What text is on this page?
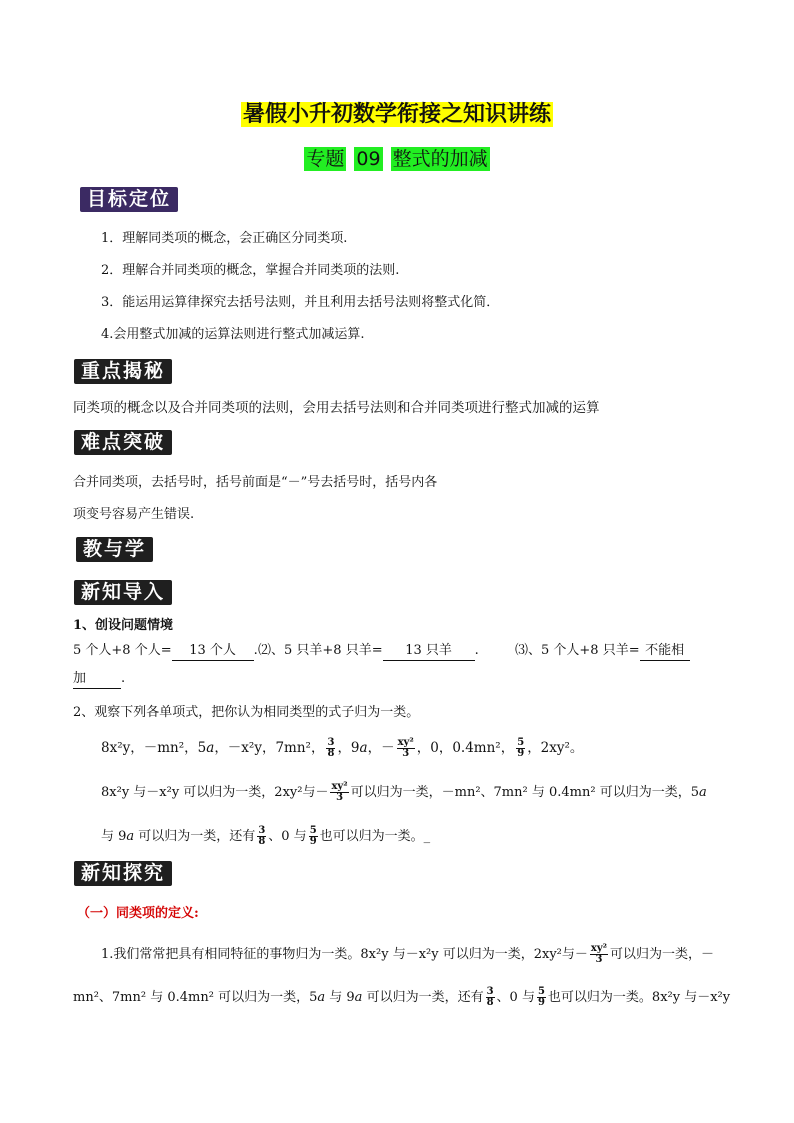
暑假小升初数学衔接之知识讲练
专题 09 整式的加减
目标定位
1．理解同类项的概念，会正确区分同类项.
2．理解合并同类项的概念，掌握合并同类项的法则.
3．能运用运算律探究去括号法则，并且利用去括号法则将整式化简．
4.会用整式加减的运算法则进行整式加减运算.
重点揭秘
同类项的概念以及合并同类项的法则，会用去括号法则和合并同类项进行整式加减的运算
难点突破
合并同类项，去括号时，括号前面是“－”号去括号时，括号内各
项变号容易产生错误.
教与学
新知导入
1、创设问题情境
5 个人+8 个人= 13 个人 . ⑵、5 只羊+8 只羊= 13 只羊 .	⑶、5 个人+8 只羊= 不能相
加	.
2、观察下列各单项式，把你认为相同类型的式子归为一类。
8x²y，－mn²，5a，－x²y，7mn²， $\frac{3}{8}$ ，9a，－ $\frac{\text{xy²}}{3}$ ，0，0.4mn²， $\frac{5}{9}$ ，2xy²。
8x²y 与－x²y 可以归为一类，2xy²与－ $\frac{\text{xy²}}{3}$ 可以归为一类，－mn²、7mn² 与 0.4mn² 可以归为一类，5a
与 9a 可以归为一类，还有 $\frac{3}{8}$ 、0 与 $\frac{5}{9}$ 也可以归为一类。_
新知探究
（一）同类项的定义:
1.我们常常把具有相同特征的事物归为一类。8x²y 与－x²y 可以归为一类，2xy²与－ $\frac{\text{xy²}}{3}$ 可以归为一类，－
mn²、7mn² 与 0.4mn² 可以归为一类，5a 与 9a 可以归为一类，还有 $\frac{3}{8}$ 、0 与 $\frac{5}{9}$ 也可以归为一类。8x²y 与－x²y
